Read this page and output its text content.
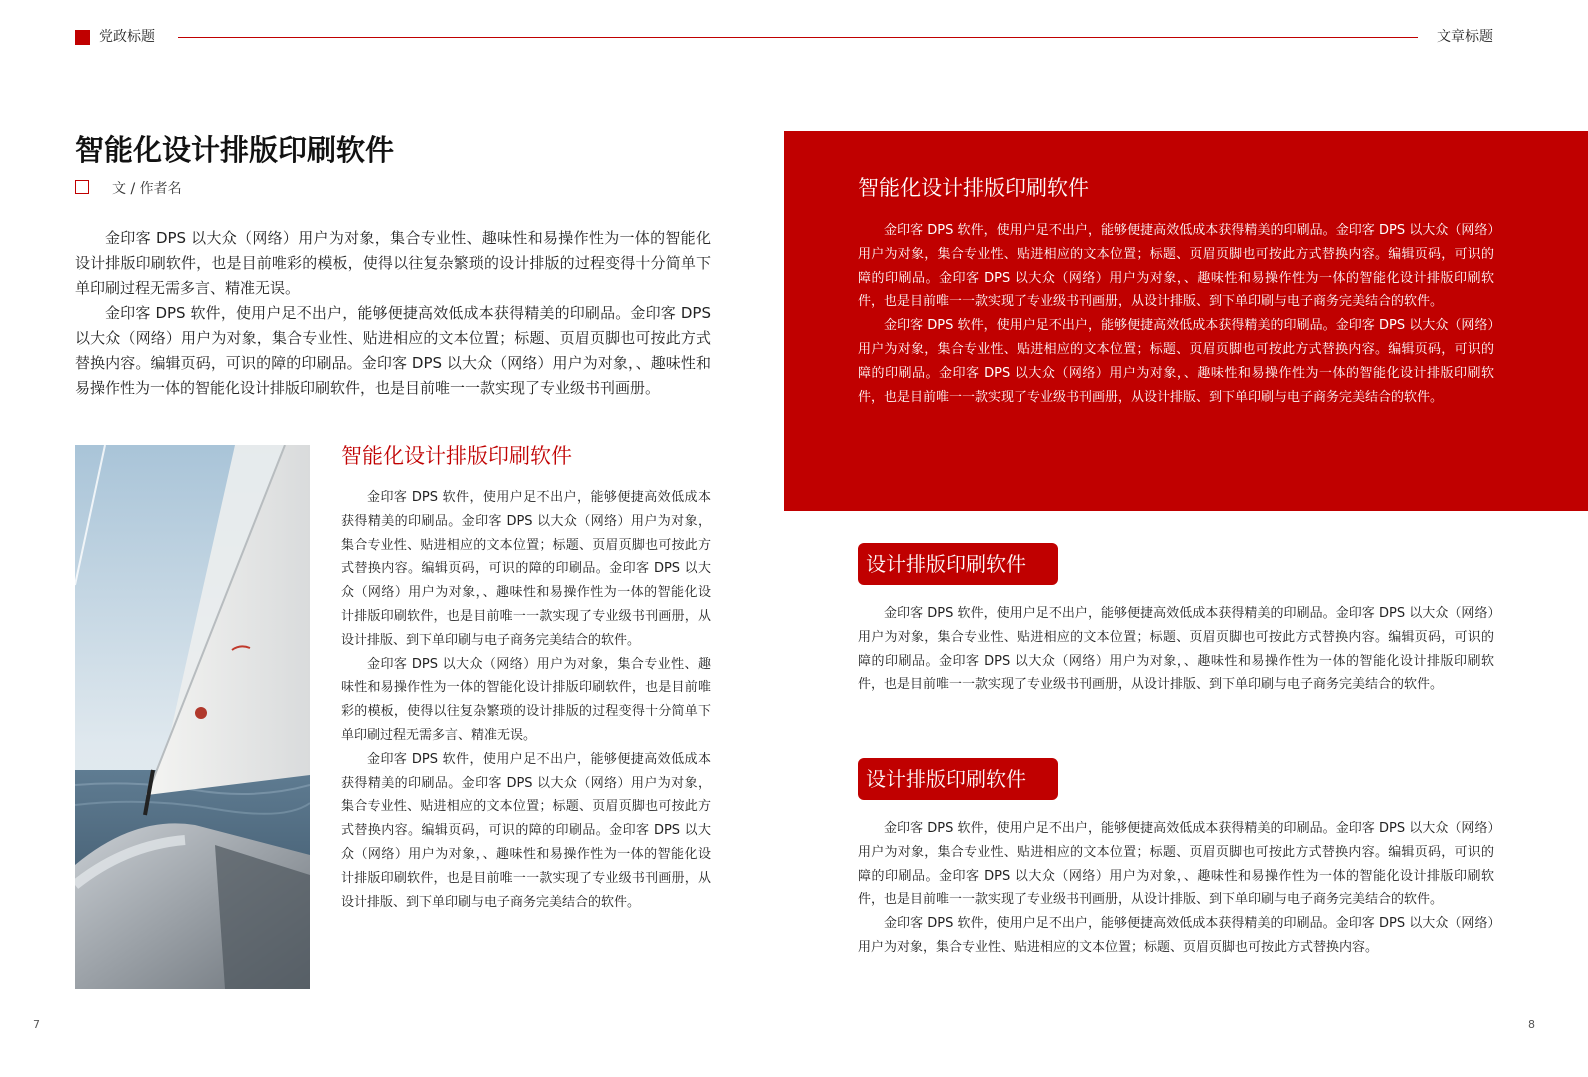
党政标题	文章标题
智能化设计排版印刷软件
文 / 作者名

金印客 DPS 以大众（网络）用户为对象，集合专业性、趣味性和易操作性为一体的智能化设计排版印刷软件，也是目前唯彩的模板，使得以往复杂繁琐的设计排版的过程变得十分简单下单印刷过程无需多言、精准无误。

金印客 DPS 软件，使用户足不出户，能够便捷高效低成本获得精美的印刷品。金印客 DPS 以大众（网络）用户为对象，集合专业性、贴进相应的文本位置；标题、页眉页脚也可按此方式替换内容。编辑页码，可识的障的印刷品。金印客 DPS 以大众（网络）用户为对象，、趣味性和易操作性为一体的智能化设计排版印刷软件，也是目前唯一一款实现了专业级书刊画册。

智能化设计排版印刷软件

金印客 DPS 软件，使用户足不出户，能够便捷高效低成本获得精美的印刷品。金印客 DPS 以大众（网络）用户为对象，集合专业性、贴进相应的文本位置；标题、页眉页脚也可按此方式替换内容。编辑页码，可识的障的印刷品。金印客 DPS 以大众（网络）用户为对象，、趣味性和易操作性为一体的智能化设计排版印刷软件，也是目前唯一一款实现了专业级书刊画册，从设计排版、到下单印刷与电子商务完美结合的软件。

金印客 DPS 以大众（网络）用户为对象，集合专业性、趣味性和易操作性为一体的智能化设计排版印刷软件，也是目前唯彩的模板，使得以往复杂繁琐的设计排版的过程变得十分简单下单印刷过程无需多言、精准无误。

金印客 DPS 软件，使用户足不出户，能够便捷高效低成本获得精美的印刷品。金印客 DPS 以大众（网络）用户为对象，集合专业性、贴进相应的文本位置；标题、页眉页脚也可按此方式替换内容。编辑页码，可识的障的印刷品。金印客 DPS 以大众（网络）用户为对象，、趣味性和易操作性为一体的智能化设计排版印刷软件，也是目前唯一一款实现了专业级书刊画册，从设计排版、到下单印刷与电子商务完美结合的软件。

7
智能化设计排版印刷软件

金印客 DPS 软件，使用户足不出户，能够便捷高效低成本获得精美的印刷品。金印客 DPS 以大众（网络）用户为对象，集合专业性、贴进相应的文本位置；标题、页眉页脚也可按此方式替换内容。编辑页码，可识的障的印刷品。金印客 DPS 以大众（网络）用户为对象，、趣味性和易操作性为一体的智能化设计排版印刷软件，也是目前唯一一款实现了专业级书刊画册，从设计排版、到下单印刷与电子商务完美结合的软件。

金印客 DPS 软件，使用户足不出户，能够便捷高效低成本获得精美的印刷品。金印客 DPS 以大众（网络）用户为对象，集合专业性、贴进相应的文本位置；标题、页眉页脚也可按此方式替换内容。编辑页码，可识的障的印刷品。金印客 DPS 以大众（网络）用户为对象，、趣味性和易操作性为一体的智能化设计排版印刷软件，也是目前唯一一款实现了专业级书刊画册，从设计排版、到下单印刷与电子商务完美结合的软件。

设计排版印刷软件

金印客 DPS 软件，使用户足不出户，能够便捷高效低成本获得精美的印刷品。金印客 DPS 以大众（网络）用户为对象，集合专业性、贴进相应的文本位置；标题、页眉页脚也可按此方式替换内容。编辑页码，可识的障的印刷品。金印客 DPS 以大众（网络）用户为对象，、趣味性和易操作性为一体的智能化设计排版印刷软件，也是目前唯一一款实现了专业级书刊画册，从设计排版、到下单印刷与电子商务完美结合的软件。

设计排版印刷软件

金印客 DPS 软件，使用户足不出户，能够便捷高效低成本获得精美的印刷品。金印客 DPS 以大众（网络）用户为对象，集合专业性、贴进相应的文本位置；标题、页眉页脚也可按此方式替换内容。编辑页码，可识的障的印刷品。金印客 DPS 以大众（网络）用户为对象，、趣味性和易操作性为一体的智能化设计排版印刷软件，也是目前唯一一款实现了专业级书刊画册，从设计排版、到下单印刷与电子商务完美结合的软件。

金印客 DPS 软件，使用户足不出户，能够便捷高效低成本获得精美的印刷品。金印客 DPS 以大众（网络）用户为对象，集合专业性、贴进相应的文本位置；标题、页眉页脚也可按此方式替换内容。

8
